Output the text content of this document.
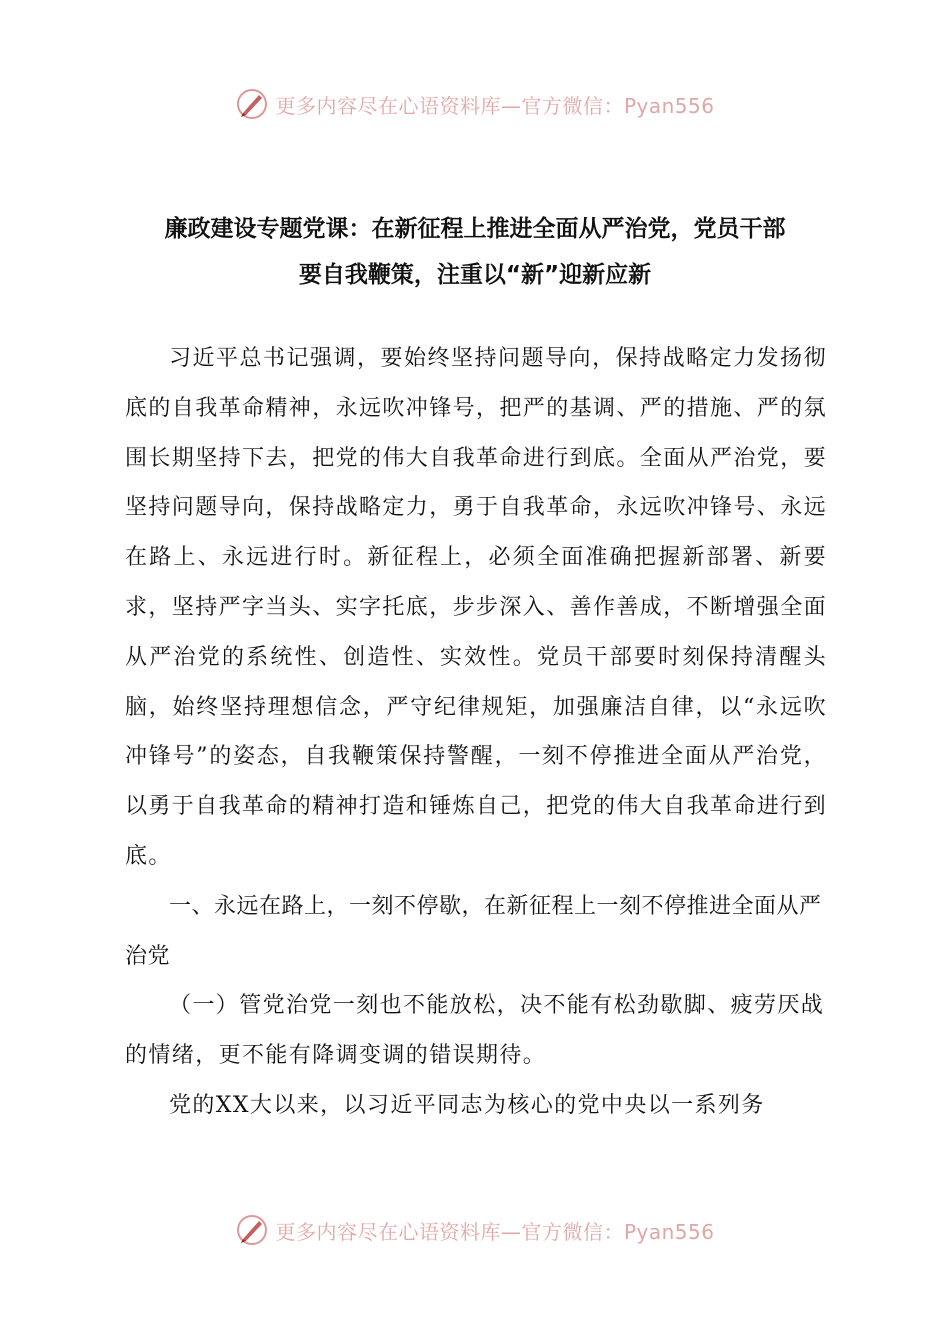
更多内容尽在心语资料库—官方微信：Pyan556
廉政建设专题党课：在新征程上推进全面从严治党，党员干部
要自我鞭策，注重以“新”迎新应新

习近平总书记强调，要始终坚持问题导向，保持战略定力发扬彻底的自我革命精神，永远吹冲锋号，把严的基调、严的措施、严的氛围长期坚持下去，把党的伟大自我革命进行到底。全面从严治党，要坚持问题导向，保持战略定力，勇于自我革命，永远吹冲锋号、永远在路上、永远进行时。新征程上，必须全面准确把握新部署、新要求，坚持严字当头、实字托底，步步深入、善作善成，不断增强全面从严治党的系统性、创造性、实效性。党员干部要时刻保持清醒头脑，始终坚持理想信念，严守纪律规矩，加强廉洁自律，以“永远吹冲锋号”的姿态，自我鞭策保持警醒，一刻不停推进全面从严治党，以勇于自我革命的精神打造和锤炼自己，把党的伟大自我革命进行到底。

一、永远在路上，一刻不停歇，在新征程上一刻不停推进全面从严治党

（一）管党治党一刻也不能放松，决不能有松劲歇脚、疲劳厌战的情绪，更不能有降调变调的错误期待。

党的XX大以来，以习近平同志为核心的党中央以一系列务

更多内容尽在心语资料库—官方微信：Pyan556
